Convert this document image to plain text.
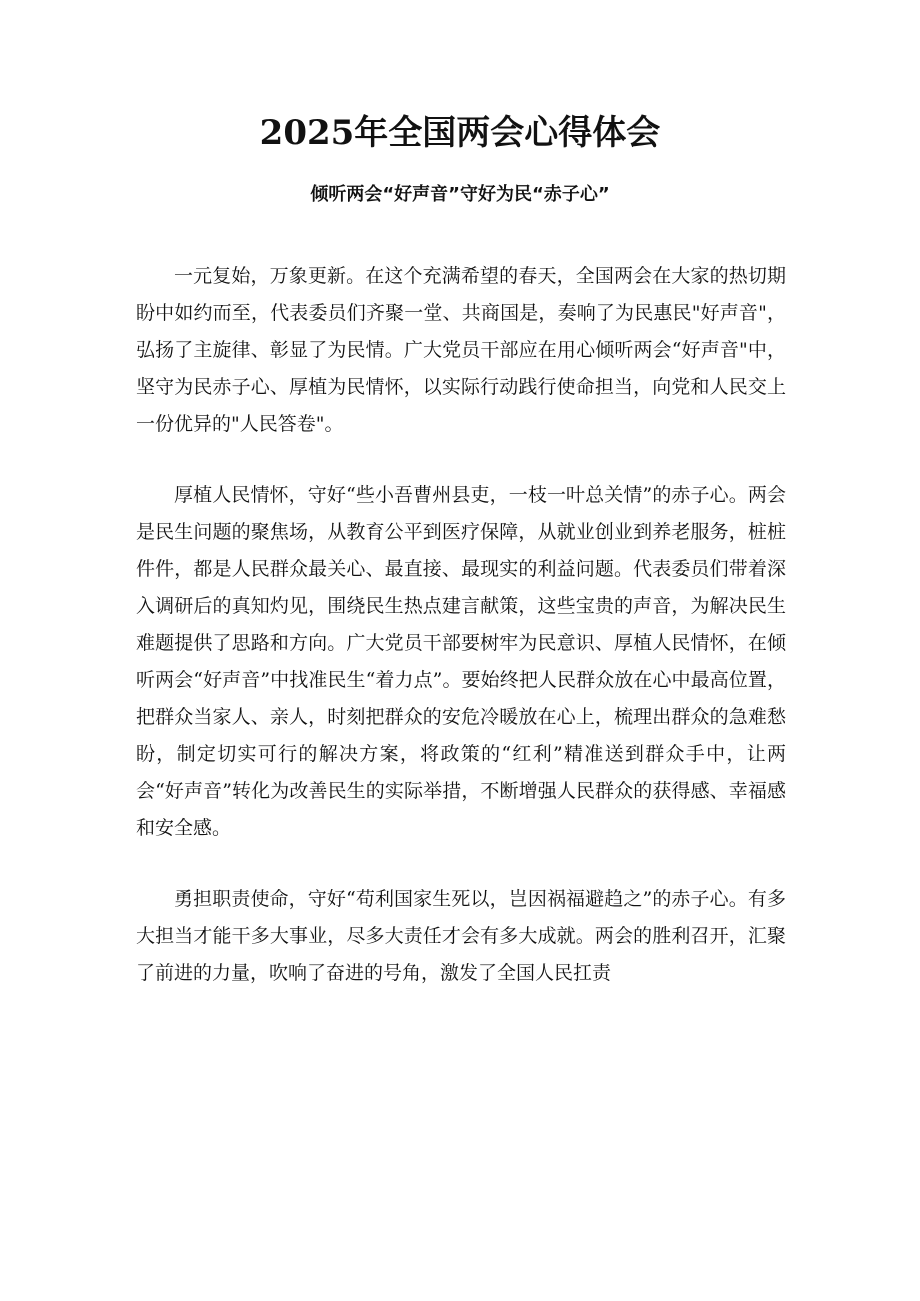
2025年全国两会心得体会
倾听两会“好声音”守好为民“赤子心”

一元复始，万象更新。在这个充满希望的春天，全国两会在大家的热切期盼中如约而至，代表委员们齐聚一堂、共商国是，奏响了为民惠民"好声音"，弘扬了主旋律、彰显了为民情。广大党员干部应在用心倾听两会“好声音"中，坚守为民赤子心、厚植为民情怀，以实际行动践行使命担当，向党和人民交上一份优异的"人民答卷"。

厚植人民情怀，守好“些小吾曹州县吏，一枝一叶总关情”的赤子心。两会是民生问题的聚焦场，从教育公平到医疗保障，从就业创业到养老服务，桩桩件件，都是人民群众最关心、最直接、最现实的利益问题。代表委员们带着深入调研后的真知灼见，围绕民生热点建言献策，这些宝贵的声音，为解决民生难题提供了思路和方向。广大党员干部要树牢为民意识、厚植人民情怀，在倾听两会“好声音”中找准民生“着力点”。要始终把人民群众放在心中最高位置，把群众当家人、亲人，时刻把群众的安危冷暖放在心上，梳理出群众的急难愁盼，制定切实可行的解决方案，将政策的“红利”精准送到群众手中，让两会“好声音”转化为改善民生的实际举措，不断增强人民群众的获得感、幸福感和安全感。

勇担职责使命，守好“苟利国家生死以，岂因祸福避趋之”的赤子心。有多大担当才能干多大事业，尽多大责任才会有多大成就。两会的胜利召开，汇聚了前进的力量，吹响了奋进的号角，激发了全国人民扛责
